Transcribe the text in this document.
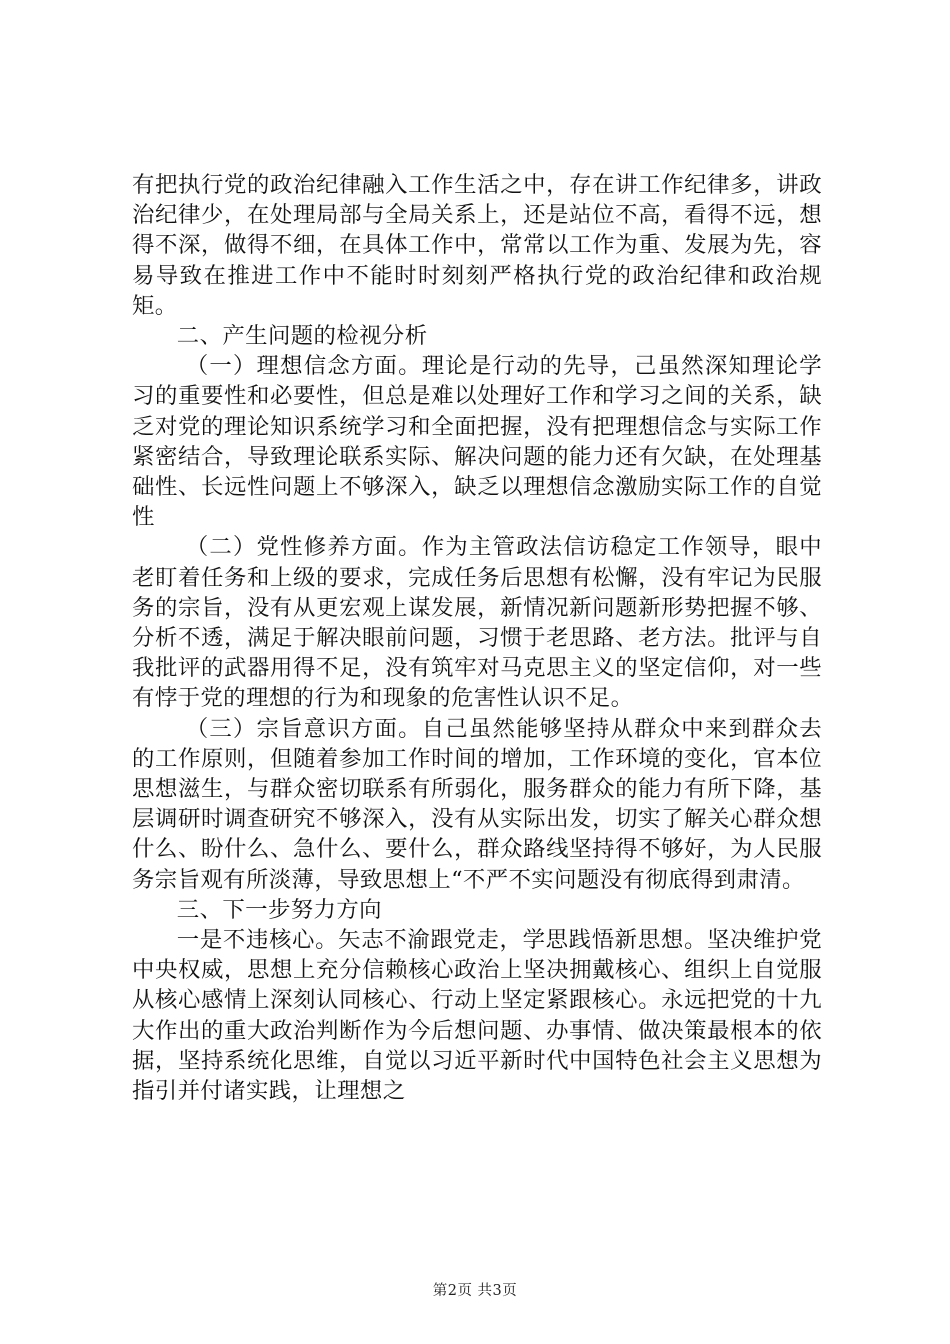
有把执行党的政治纪律融入工作生活之中，存在讲工作纪律多，讲政治纪律少，在处理局部与全局关系上，还是站位不高，看得不远，想得不深，做得不细，在具体工作中，常常以工作为重、发展为先，容易导致在推进工作中不能时时刻刻严格执行党的政治纪律和政治规矩。

二、产生问题的检视分析

（一）理想信念方面。理论是行动的先导，己虽然深知理论学习的重要性和必要性，但总是难以处理好工作和学习之间的关系，缺乏对党的理论知识系统学习和全面把握，没有把理想信念与实际工作紧密结合，导致理论联系实际、解决问题的能力还有欠缺，在处理基础性、长远性问题上不够深入，缺乏以理想信念激励实际工作的自觉性

（二）党性修养方面。作为主管政法信访稳定工作领导，眼中老盯着任务和上级的要求，完成任务后思想有松懈，没有牢记为民服务的宗旨，没有从更宏观上谋发展，新情况新问题新形势把握不够、分析不透，满足于解决眼前问题，习惯于老思路、老方法。批评与自我批评的武器用得不足，没有筑牢对马克思主义的坚定信仰，对一些有悖于党的理想的行为和现象的危害性认识不足。

（三）宗旨意识方面。自己虽然能够坚持从群众中来到群众去的工作原则，但随着参加工作时间的增加，工作环境的变化，官本位思想滋生，与群众密切联系有所弱化，服务群众的能力有所下降，基层调研时调查研究不够深入，没有从实际出发，切实了解关心群众想什么、盼什么、急什么、要什么，群众路线坚持得不够好，为人民服务宗旨观有所淡薄，导致思想上“不严不实问题没有彻底得到肃清。

三、下一步努力方向

一是不违核心。矢志不渝跟党走，学思践悟新思想。坚决维护党中央权威，思想上充分信赖核心政治上坚决拥戴核心、组织上自觉服从核心感情上深刻认同核心、行动上坚定紧跟核心。永远把党的十九大作出的重大政治判断作为今后想问题、办事情、做决策最根本的依据，坚持系统化思维，自觉以习近平新时代中国特色社会主义思想为指引并付诸实践，让理想之

第2页 共3页
